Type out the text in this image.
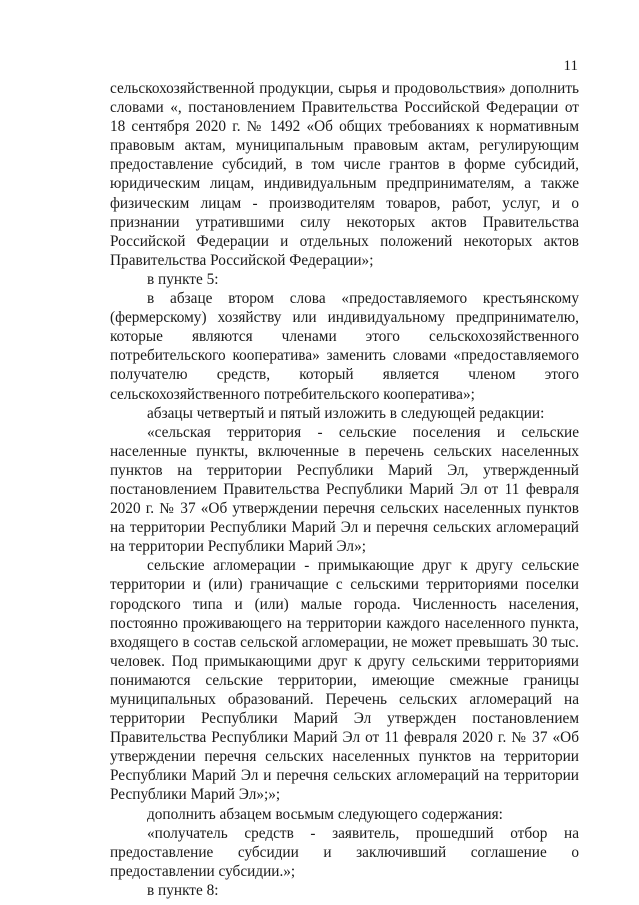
11

сельскохозяйственной продукции, сырья и продовольствия» дополнить словами «, постановлением Правительства Российской Федерации от 18 сентября 2020 г. № 1492 «Об общих требованиях к нормативным правовым актам, муниципальным правовым актам, регулирующим предоставление субсидий, в том числе грантов в форме субсидий, юридическим лицам, индивидуальным предпринимателям, а также физическим лицам - производителям товаров, работ, услуг, и о признании утратившими силу некоторых актов Правительства Российской Федерации и отдельных положений некоторых актов Правительства Российской Федерации»;

в пункте 5:

в абзаце втором слова «предоставляемого крестьянскому (фермерскому) хозяйству или индивидуальному предпринимателю, которые являются членами этого сельскохозяйственного потребительского кооператива» заменить словами «предоставляемого получателю средств, который является членом этого сельскохозяйственного потребительского кооператива»;

абзацы четвертый и пятый изложить в следующей редакции:

«сельская территория - сельские поселения и сельские населенные пункты, включенные в перечень сельских населенных пунктов на территории Республики Марий Эл, утвержденный постановлением Правительства Республики Марий Эл от 11 февраля 2020 г. № 37 «Об утверждении перечня сельских населенных пунктов на территории Республики Марий Эл и перечня сельских агломераций на территории Республики Марий Эл»;

сельские агломерации - примыкающие друг к другу сельские территории и (или) граничащие с сельскими территориями поселки городского типа и (или) малые города. Численность населения, постоянно проживающего на территории каждого населенного пункта, входящего в состав сельской агломерации, не может превышать 30 тыс. человек. Под примыкающими друг к другу сельскими территориями понимаются сельские территории, имеющие смежные границы муниципальных образований. Перечень сельских агломераций на территории Республики Марий Эл утвержден постановлением Правительства Республики Марий Эл от 11 февраля 2020 г. № 37 «Об утверждении перечня сельских населенных пунктов на территории Республики Марий Эл и перечня сельских агломераций на территории Республики Марий Эл»;»;

дополнить абзацем восьмым следующего содержания:

«получатель средств - заявитель, прошедший отбор на предоставление субсидии и заключивший соглашение о предоставлении субсидии.»;

в пункте 8:
